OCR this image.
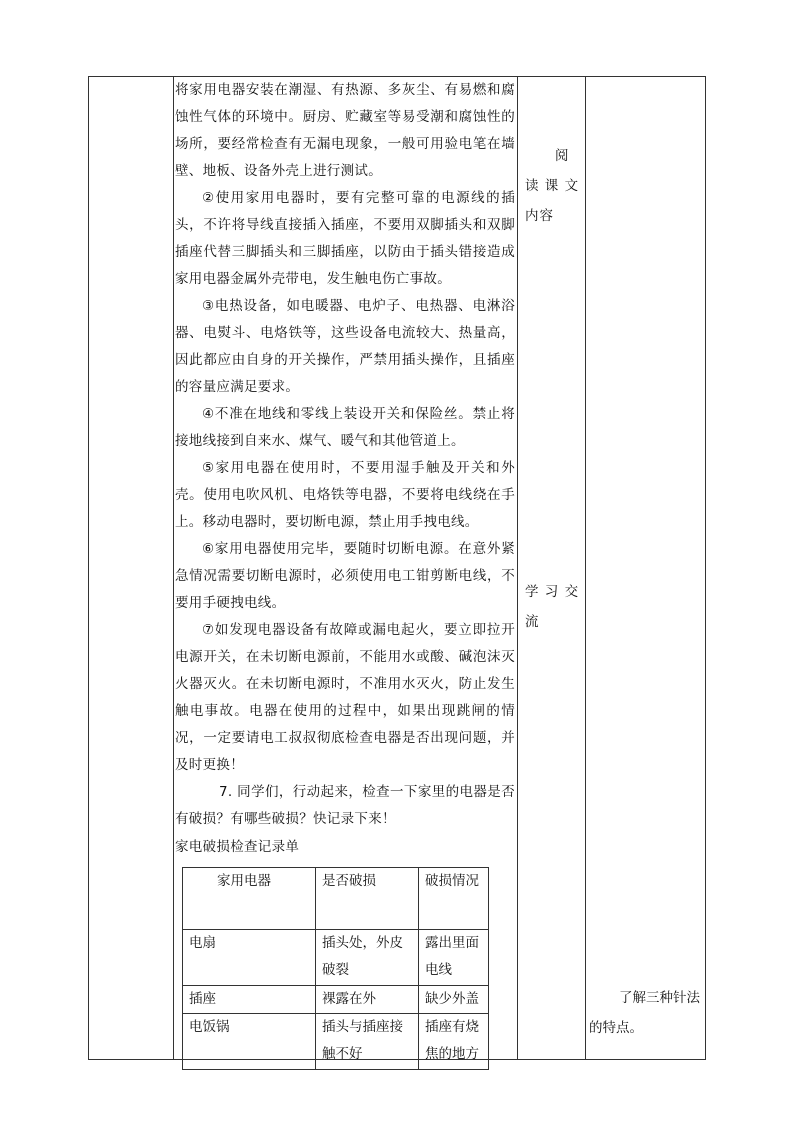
将家用电器安装在潮湿、有热源、多灰尘、有易燃和腐蚀性气体的环境中。厨房、贮藏室等易受潮和腐蚀性的场所，要经常检查有无漏电现象，一般可用验电笔在墙壁、地板、设备外壳上进行测试。

②使用家用电器时，要有完整可靠的电源线的插头，不许将导线直接插入插座，不要用双脚插头和双脚插座代替三脚插头和三脚插座，以防由于插头错接造成家用电器金属外壳带电，发生触电伤亡事故。

③电热设备，如电暖器、电炉子、电热器、电淋浴器、电熨斗、电烙铁等，这些设备电流较大、热量高，因此都应由自身的开关操作，严禁用插头操作，且插座的容量应满足要求。

④不准在地线和零线上装设开关和保险丝。禁止将接地线接到自来水、煤气、暖气和其他管道上。

⑤家用电器在使用时，不要用湿手触及开关和外壳。使用电吹风机、电烙铁等电器，不要将电线绕在手上。移动电器时，要切断电源，禁止用手拽电线。

⑥家用电器使用完毕，要随时切断电源。在意外紧急情况需要切断电源时，必须使用电工钳剪断电线，不要用手硬拽电线。

⑦如发现电器设备有故障或漏电起火，要立即拉开电源开关，在未切断电源前，不能用水或酸、碱泡沫灭火器灭火。在未切断电源时，不准用水灭火，防止发生触电事故。电器在使用的过程中，如果出现跳闸的情况，一定要请电工叔叔彻底检查电器是否出现问题，并及时更换！

7. 同学们，行动起来，检查一下家里的电器是否有破损？有哪些破损？快记录下来！

家电破损检查记录单

家用电器	是否破损	破损情况
电扇	插头处，外皮破裂	露出里面电线
插座	裸露在外	缺少外盖
电饭锅	插头与插座接触不好	插座有烧焦的地方
阅
读 课 文
内容
学 习 交
流
了解三种针法的特点。
